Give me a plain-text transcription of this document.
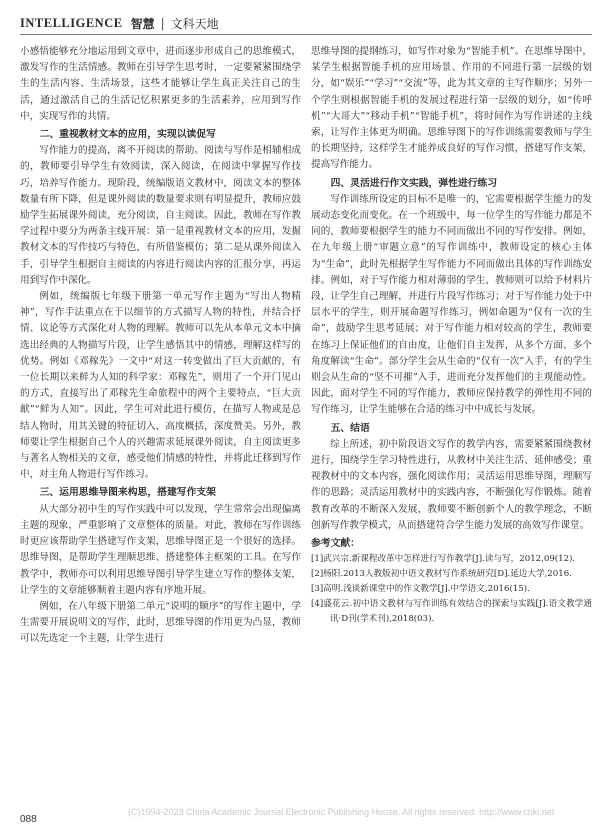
INTELLIGENCE 智慧 | 文科天地

小感悟能够充分地运用到文章中，进而逐步形成自己的思维模式，激发写作的生活情感。教师在引导学生思考时，一定要紧紧围绕学生的生活内容、生活场景，这些才能够让学生真正关注自己的生活，通过激活自己的生活记忆积累更多的生活素养，应用到写作中，实现写作的共情。

二、重视教材文本的应用，实现以读促写

写作能力的提高，离不开阅读的帮助。阅读与写作是相辅相成的，教师要引导学生有效阅读，深入阅读，在阅读中掌握写作技巧，培养写作能力。现阶段，统编版语文教材中，阅读文本的整体数量有所下降，但是课外阅读的数量要求则有明显提升，教师应鼓励学生拓展课外阅读，充分阅读，自主阅读。因此，教师在写作教学过程中要分为两条主线开展：第一是重视教材文本的应用，发掘教材文本的写作技巧与特色，有所借鉴模仿；第二是从课外阅读入手，引导学生根据自主阅读的内容进行阅读内容的汇报分享，再运用到写作中深化。

例如，统编版七年级下册第一单元写作主题为“写出人物精神”，写作手法重点在于以细节的方式描写人物的特性，并结合抒情、议论等方式深化对人物的理解。教师可以先从本单元文本中摘选出经典的人物描写片段，让学生感悟其中的情感，理解这样写的优势。例如《邓稼先》一文中“对这一转变做出了巨大贡献的，有一位长期以来鲜为人知的科学家：邓稼先”，则用了一个开门见山的方式，直接写出了邓稼先生命旅程中的两个主要特点，“巨大贡献”“鲜为人知”。因此，学生可对此进行模仿，在描写人物或是总结人物时，用其关键的特征切入，高度概括，深度赞美。另外，教师要让学生根据自己个人的兴趣需求延展课外阅读，自主阅读更多与著名人物相关的文章，感受他们情感的特性，并将此迁移到写作中，对主角人物进行写作练习。

三、运用思维导图来构思，搭建写作支架

从大部分初中生的写作实践中可以发现，学生常常会出现偏离主题的现象，严重影响了文章整体的质量。对此，教师在写作训练时更应该帮助学生搭建写作支架，思维导图正是一个很好的选择。思维导图，是帮助学生理顺思维、搭建整体主框架的工具。在写作教学中，教师亦可以利用思维导图引导学生建立写作的整体支架，让学生的文章能够顺着主题内容有序地开展。

例如，在八年级下册第二单元“说明的顺序”的写作主题中，学生需要开展说明文的写作，此时，思维导图的作用更为凸显，教师可以先选定一个主题，让学生进行

思维导图的提纲练习，如写作对象为“智能手机”。在思维导图中，某学生根据智能手机的应用场景、作用的不同进行第一层级的划分，如“娱乐”“学习”“交流”等，此为其文章的主写作顺序；另外一个学生则根据智能手机的发展过程进行第一层级的划分，如“传呼机”“大哥大”“移动手机”“智能手机”，将时间作为写作讲述的主线索，让写作主体更为明确。思维导图下的写作训练需要教师与学生的长期坚持，这样学生才能养成良好的写作习惯，搭建写作支架，提高写作能力。

四、灵活进行作文实践，弹性进行练习

写作训练所设定的目标不是唯一的，它需要根据学生能力的发展动态变化而变化。在一个班级中，每一位学生的写作能力都是不同的，教师要根据学生的能力不同而做出不同的写作安排。例如，在九年级上册“审题立意”的写作训练中，教师设定的核心主体为“生命”，此时先根据学生写作能力不同而做出具体的写作训练安排。例如，对于写作能力相对薄弱的学生，教师则可以给予材料片段，让学生自己理解，并进行片段写作练习；对于写作能力处于中层水平的学生，则开展命题写作练习，例如命题为“仅有一次的生命”，鼓励学生思考延展；对于写作能力相对较高的学生，教师要在练习上保证他们的自由度，让他们自主发挥，从多个方面、多个角度解读“生命”。部分学生会从生命的“仅有一次”入手，有的学生则会从生命的“坚不可摧”入手，进而充分发挥他们的主观能动性。因此，面对学生不同的写作能力，教师应保持教学的弹性用不同的写作练习，让学生能够在合适的练习中中成长与发展。

五、结语

综上所述，初中阶段语文写作的教学内容，需要紧紧围绕教材进行，围绕学生学习特性进行，从教材中关注生活、延伸感受；重视教材中的文本内容，强化阅读作用；灵活运用思维导图，理顺写作的思路；灵活运用教材中的实践内容，不断强化写作锻炼。随着教育改革的不断深入发展，教师要不断创新个人的教学理念，不断创新写作教学模式，从而搭建符合学生能力发展的高效写作课堂。

参考文献：
[1]武兴宗.新课程改革中怎样进行写作教学[J].读与写，2012,09(12).
[2]杨阳.2013人教版初中语文教材写作系统研究[D].延边大学,2016.
[3]高明.浅谈新课堂中的作文教学[J].中学语文,2016(15).
[4]盛花云.初中语文教材与写作训练有效结合的探索与实践[J].语文教学通讯·D刊(学术刊),2018(03).
(C)1994-2023 China Academic Journal Electronic Publishing House. All rights reserved. http://www.cnki.net
088
